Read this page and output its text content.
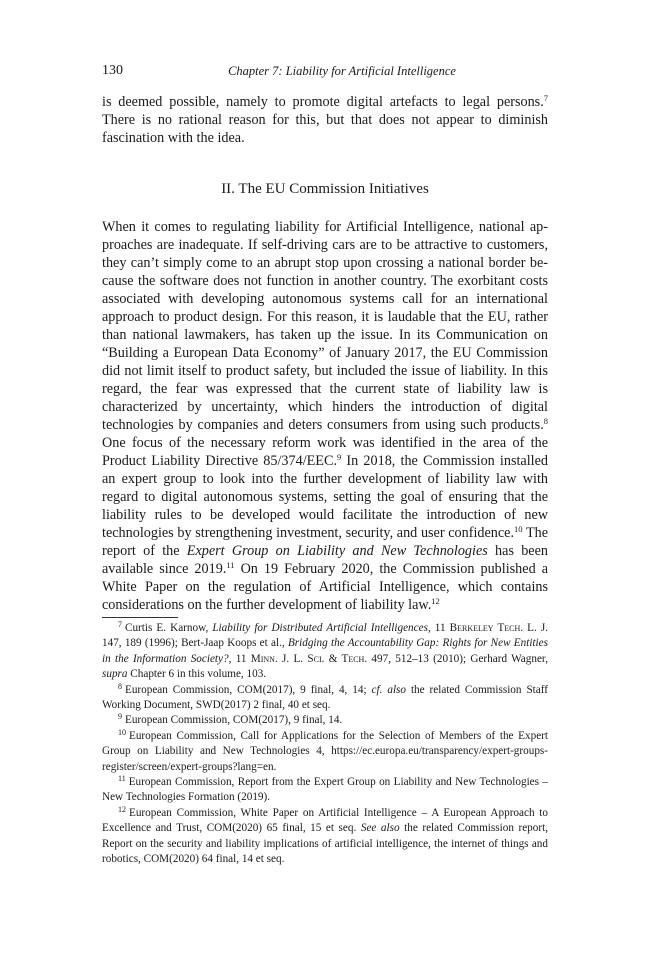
130	Chapter 7: Liability for Artificial Intelligence
is deemed possible, namely to promote digital artefacts to legal persons.$^7$ There is no rational reason for this, but that does not appear to diminish fascination with the idea.
II. The EU Commission Initiatives
When it comes to regulating liability for Artificial Intelligence, national approaches are inadequate. If self-driving cars are to be attractive to customers, they can’t simply come to an abrupt stop upon crossing a national border because the software does not function in another country. The exorbitant costs associated with developing autonomous systems call for an international approach to product design. For this reason, it is laudable that the EU, rather than national lawmakers, has taken up the issue. In its Communication on “Building a European Data Economy” of January 2017, the EU Commission did not limit itself to product safety, but included the issue of liability. In this regard, the fear was expressed that the current state of liability law is characterized by uncertainty, which hinders the introduction of digital technologies by companies and deters consumers from using such products.$^8$ One focus of the necessary reform work was identified in the area of the Product Liability Directive 85/374/EEC.$^9$ In 2018, the Commission installed an expert group to look into the further development of liability law with regard to digital autonomous systems, setting the goal of ensuring that the liability rules to be developed would facilitate the introduction of new technologies by strengthening investment, security, and user confidence.$^{10}$ The report of the Expert Group on Liability and New Technologies has been available since 2019.11 On 19 February 2020, the Commission published a White Paper on the regulation of Artificial Intelligence, which contains considerations on the further development of liability law.$^{12}$

$^7$ Curtis E. Karnow, Liability for Distributed Artificial Intelligences, 11 Berkeley Tech. L. J. 147, 189 (1996); Bert-Jaap Koops et al., Bridging the Accountability Gap: Rights for New Entities in the Information Society?, 11 Minn. J. L. Sci. & Tech. 497, 512–13 (2010); Gerhard Wagner, supra Chapter 6 in this volume, 103.

$^8$ European Commission, COM(2017), 9 final, 4, 14; cf. also the related Commission Staff Working Document, SWD(2017) 2 final, 40 et seq.

$^9$ European Commission, COM(2017), 9 final, 14.

$^{10}$ European Commission, Call for Applications for the Selection of Members of the Expert Group on Liability and New Technologies 4, https://ec.europa.eu/transparency/expert-groups-register/screen/expert-groups?lang=en.

$^{11}$ European Commission, Report from the Expert Group on Liability and New Technologies – New Technologies Formation (2019).

$^{12}$ European Commission, White Paper on Artificial Intelligence – A European Approach to Excellence and Trust, COM(2020) 65 final, 15 et seq. See also the related Commission report, Report on the security and liability implications of artificial intelligence, the internet of things and robotics, COM(2020) 64 final, 14 et seq.
